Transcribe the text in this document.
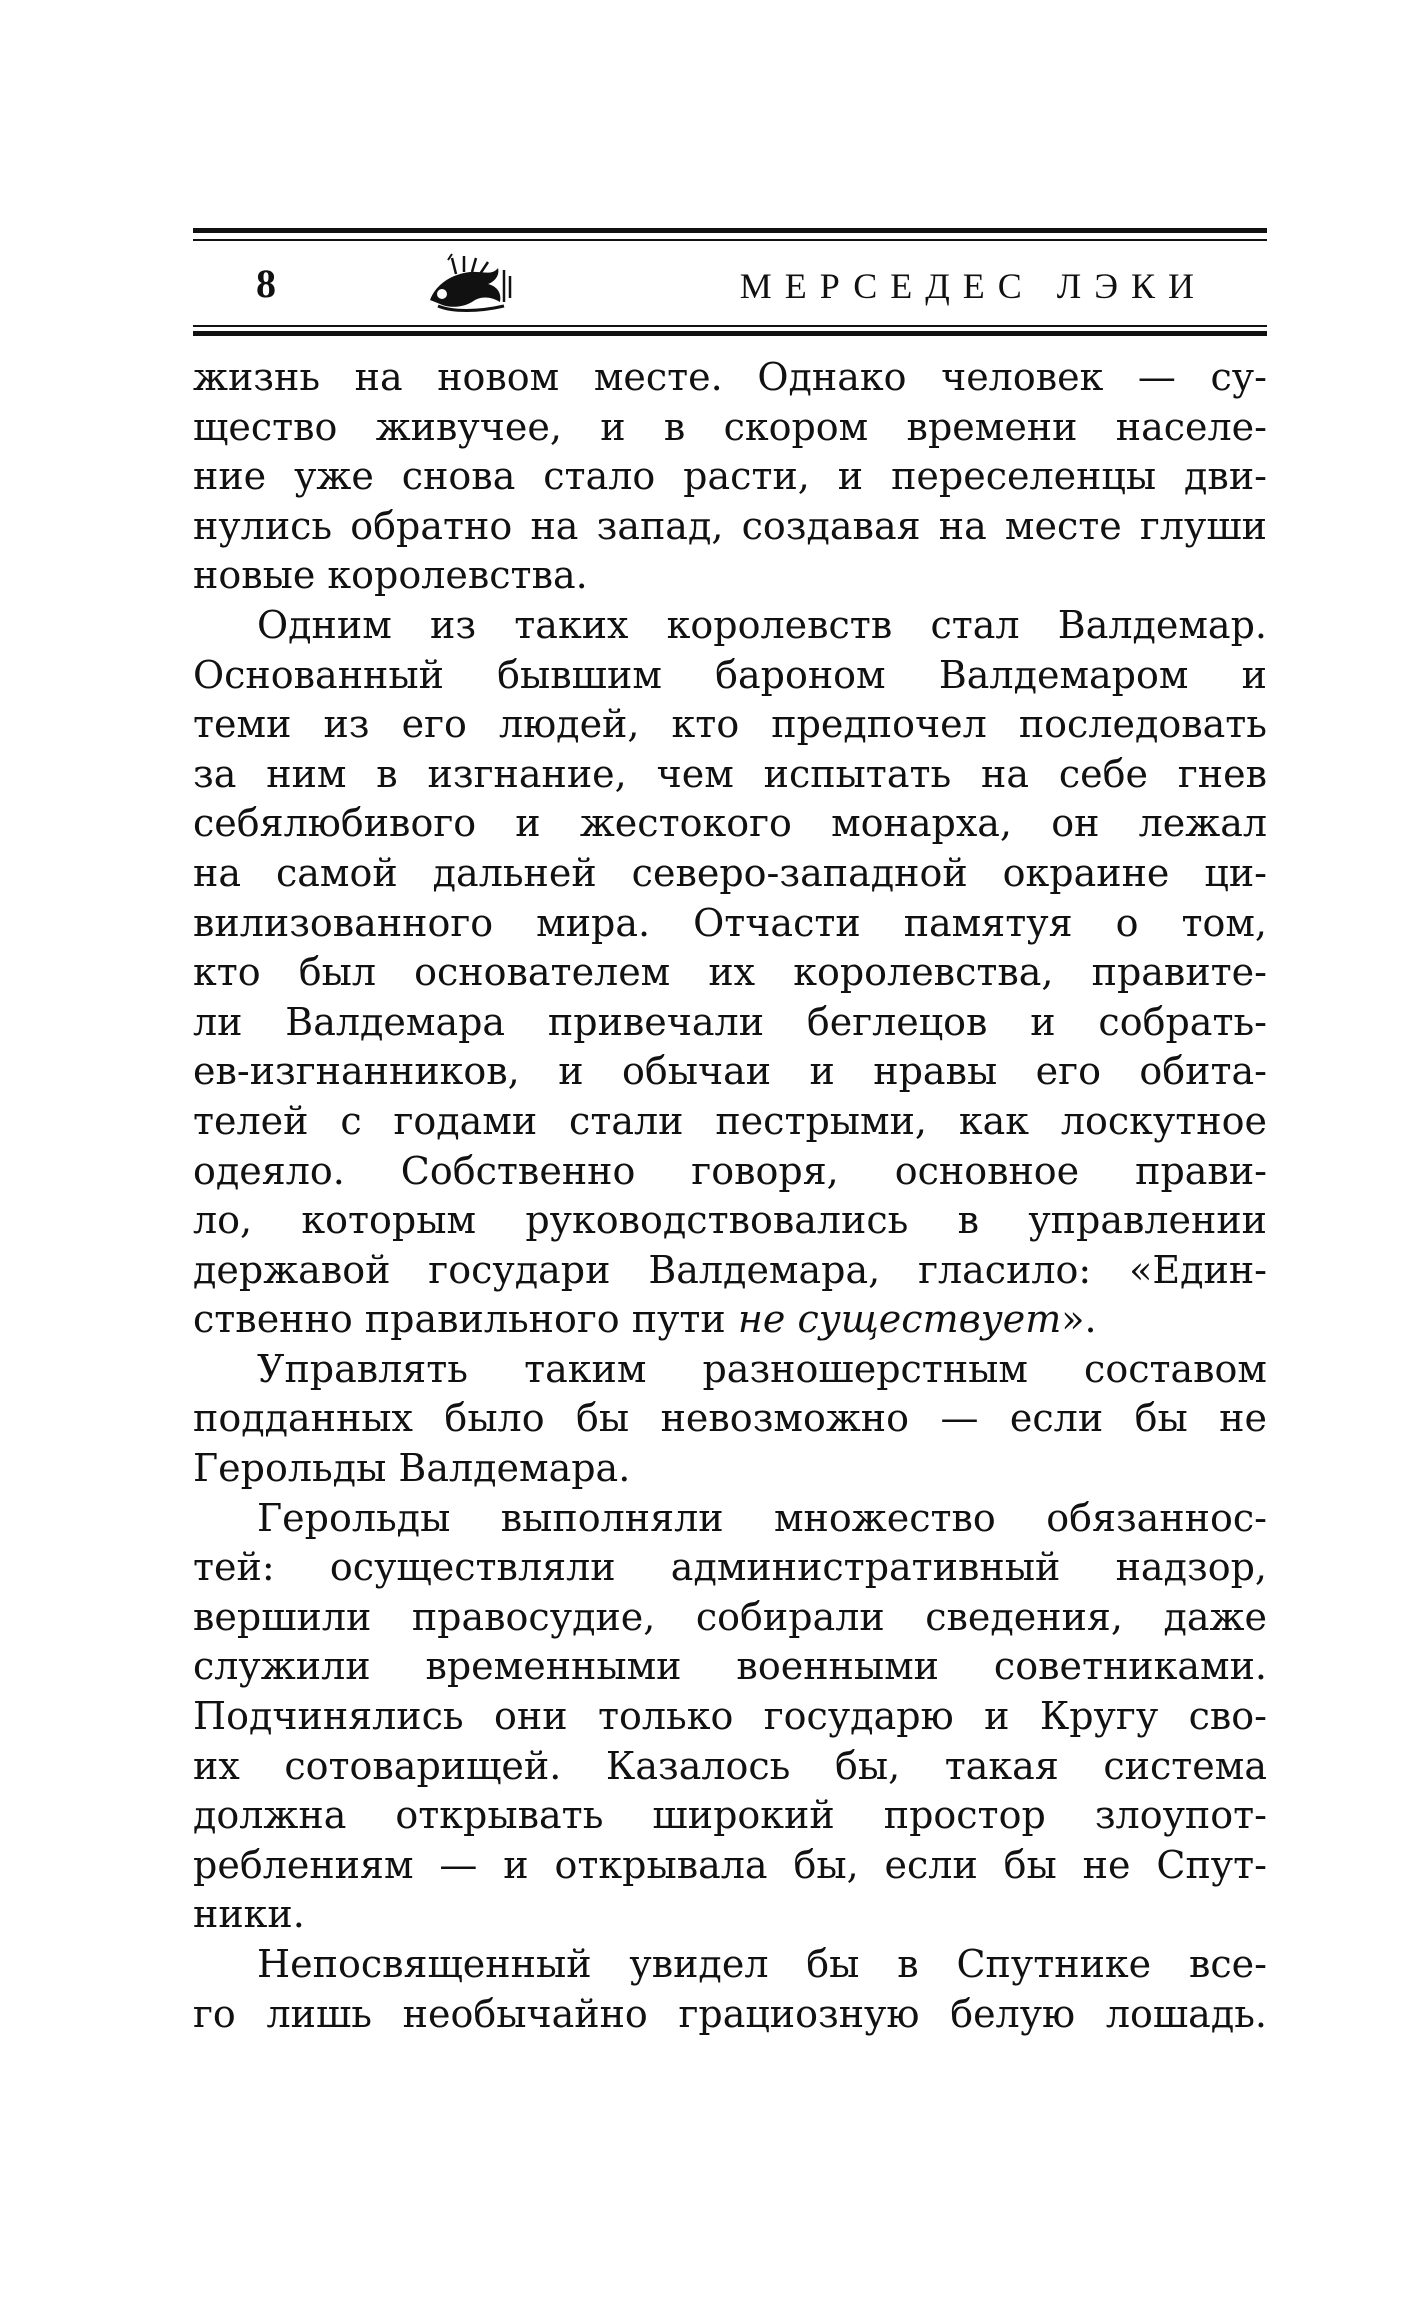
8	МЕРСЕДЕС ЛЭКИ

жизнь на новом месте. Однако человек — су-
щество живучее, и в скором времени населе-
ние уже снова стало расти, и переселенцы дви-
нулись обратно на запад, создавая на месте глуши
новые королевства.

Одним из таких королевств стал Валдемар.
Основанный бывшим бароном Валдемаром и
теми из его людей, кто предпочел последовать
за ним в изгнание, чем испытать на себе гнев
себялюбивого и жестокого монарха, он лежал
на самой дальней северо-западной окраине ци-
вилизованного мира. Отчасти памятуя о том,
кто был основателем их королевства, правите-
ли Валдемара привечали беглецов и собрать-
ев-изгнанников, и обычаи и нравы его обита-
телей с годами стали пестрыми, как лоскутное
одеяло. Собственно говоря, основное прави-
ло, которым руководствовались в управлении
державой государи Валдемара, гласило: «Един-
ственно правильного пути не существует».

Управлять таким разношерстным составом
подданных было бы невозможно — если бы не
Герольды Валдемара.

Герольды выполняли множество обязаннос-
тей: осуществляли административный надзор,
вершили правосудие, собирали сведения, даже
служили временными военными советниками.
Подчинялись они только государю и Кругу сво-
их сотоварищей. Казалось бы, такая система
должна открывать широкий простор злоупот-
реблениям — и открывала бы, если бы не Спут-
ники.

Непосвященный увидел бы в Спутнике все-
го лишь необычайно грациозную белую лошадь.
